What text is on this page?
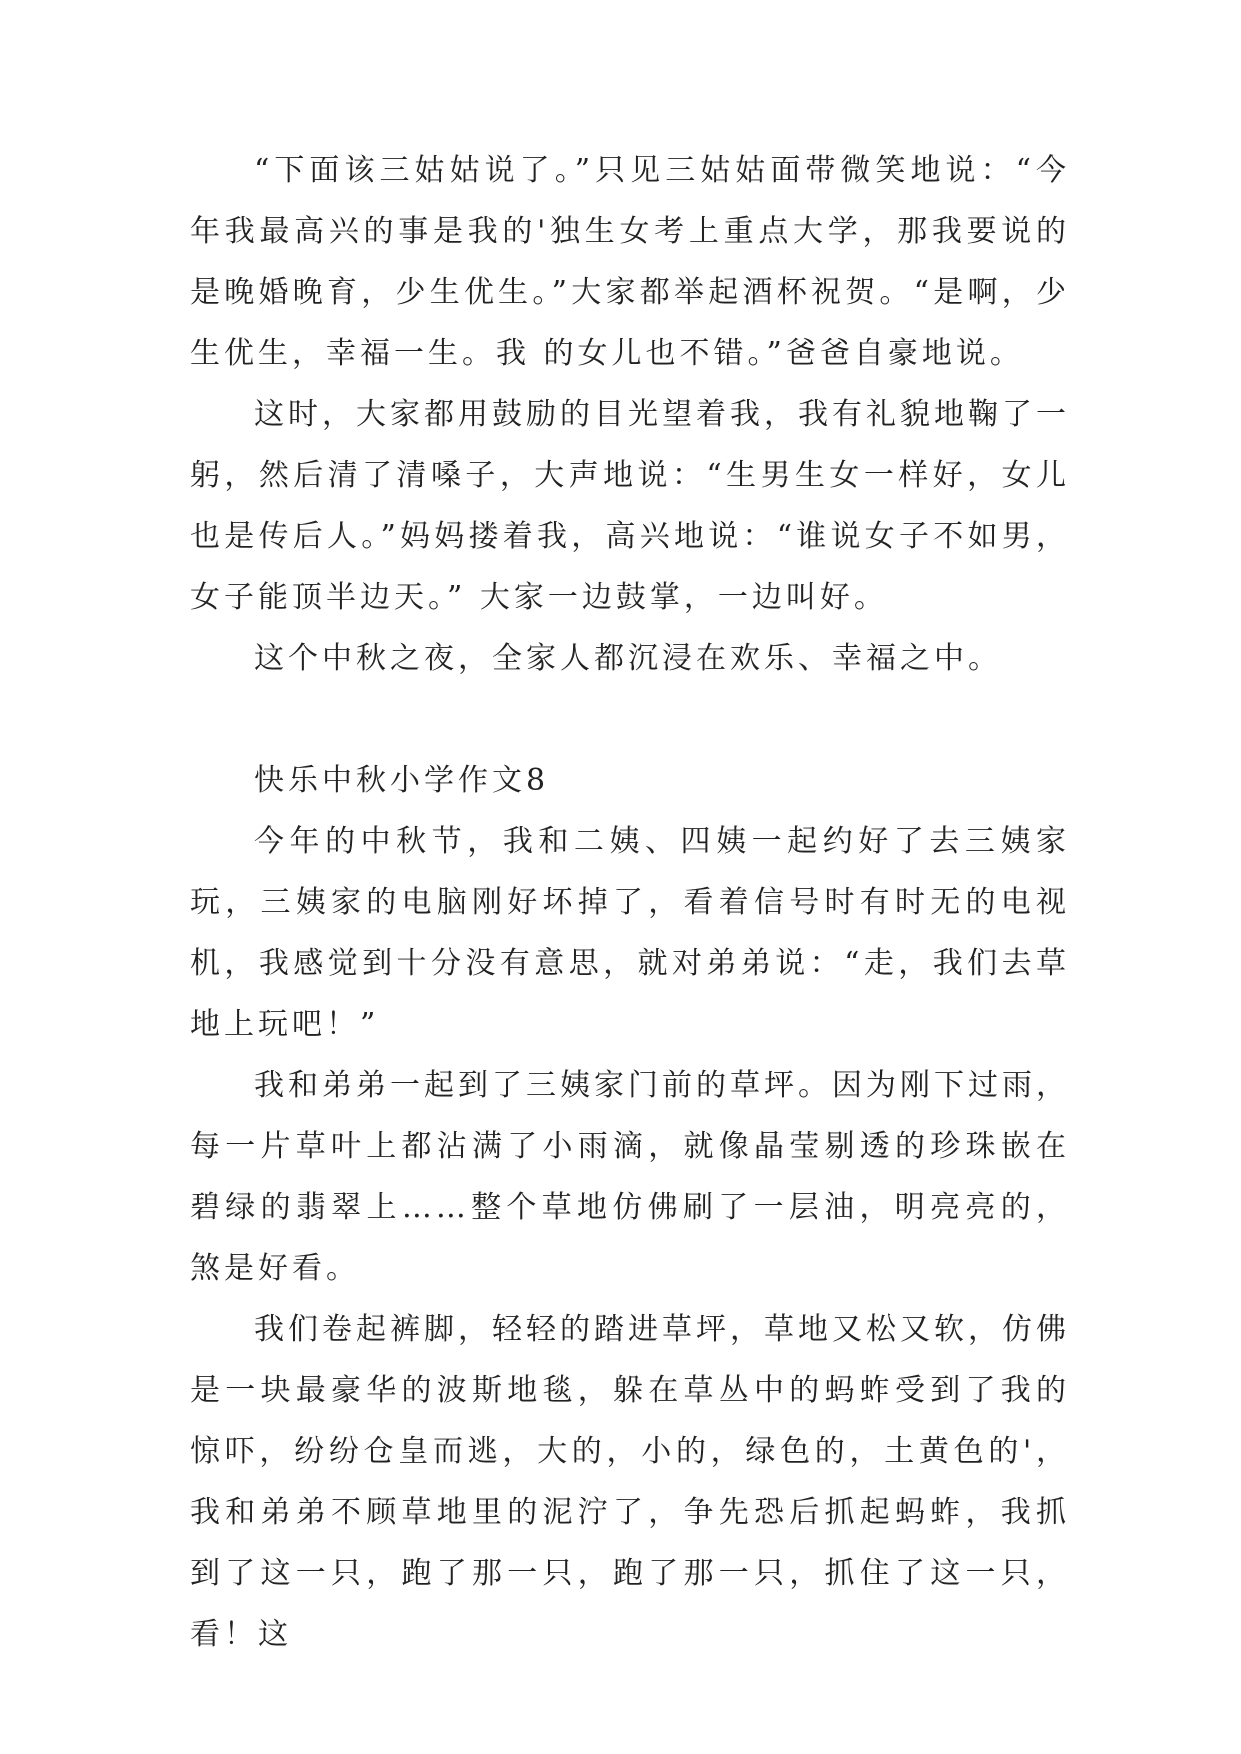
“下面该三姑姑说了。”只见三姑姑面带微笑地说：“今年我最高兴的事是我的'独生女考上重点大学，那我要说的是晚婚晚育，少生优生。”大家都举起酒杯祝贺。“是啊，少生优生，幸福一生。我 的女儿也不错。”爸爸自豪地说。

这时，大家都用鼓励的目光望着我，我有礼貌地鞠了一躬，然后清了清嗓子，大声地说：“生男生女一样好，女儿也是传后人。”妈妈搂着我，高兴地说：“谁说女子不如男，女子能顶半边天。” 大家一边鼓掌，一边叫好。

这个中秋之夜，全家人都沉浸在欢乐、幸福之中。

快乐中秋小学作文8

今年的中秋节，我和二姨、四姨一起约好了去三姨家玩，三姨家的电脑刚好坏掉了，看着信号时有时无的电视机，我感觉到十分没有意思，就对弟弟说：“走，我们去草地上玩吧！”

我和弟弟一起到了三姨家门前的草坪。因为刚下过雨，每一片草叶上都沾满了小雨滴，就像晶莹剔透的珍珠嵌在碧绿的翡翠上……整个草地仿佛刷了一层油，明亮亮的，煞是好看。

我们卷起裤脚，轻轻的踏进草坪，草地又松又软，仿佛是一块最豪华的波斯地毯，躲在草丛中的蚂蚱受到了我的惊吓，纷纷仓皇而逃，大的，小的，绿色的，土黄色的'，我和弟弟不顾草地里的泥泞了，争先恐后抓起蚂蚱，我抓到了这一只，跑了那一只，跑了那一只，抓住了这一只，看！这
